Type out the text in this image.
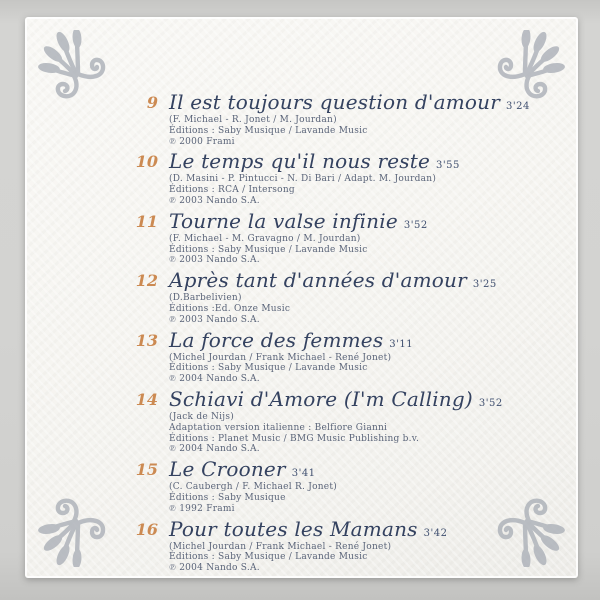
9 Il est toujours question d'amour 3'24
(F. Michael - R. Jonet / M. Jourdan)
Éditions : Saby Musique / Lavande Music
℗ 2000 Frami
10 Le temps qu'il nous reste 3'55
(D. Masini - P. Pintucci - N. Di Bari / Adapt. M. Jourdan)
Éditions : RCA / Intersong
℗ 2003 Nando S.A.
11 Tourne la valse infinie 3'52
(F. Michael - M. Gravagno / M. Jourdan)
Éditions : Saby Musique / Lavande Music
℗ 2003 Nando S.A.
12 Après tant d'années d'amour 3'25
(D.Barbelivien)
Éditions :Ed. Onze Music
℗ 2003 Nando S.A.
13 La force des femmes 3'11
(Michel Jourdan / Frank Michael - René Jonet)
Éditions : Saby Musique / Lavande Music
℗ 2004 Nando S.A.
14 Schiavi d'Amore (I'm Calling) 3'52
(Jack de Nijs)
Adaptation version italienne : Belfiore Gianni
Éditions : Planet Music / BMG Music Publishing b.v.
℗ 2004 Nando S.A.
15 Le Crooner 3'41
(C. Caubergh / F. Michael R. Jonet)
Éditions : Saby Musique
℗ 1992 Frami
16 Pour toutes les Mamans 3'42
(Michel Jourdan / Frank Michael - René Jonet)
Éditions : Saby Musique / Lavande Music
℗ 2004 Nando S.A.
